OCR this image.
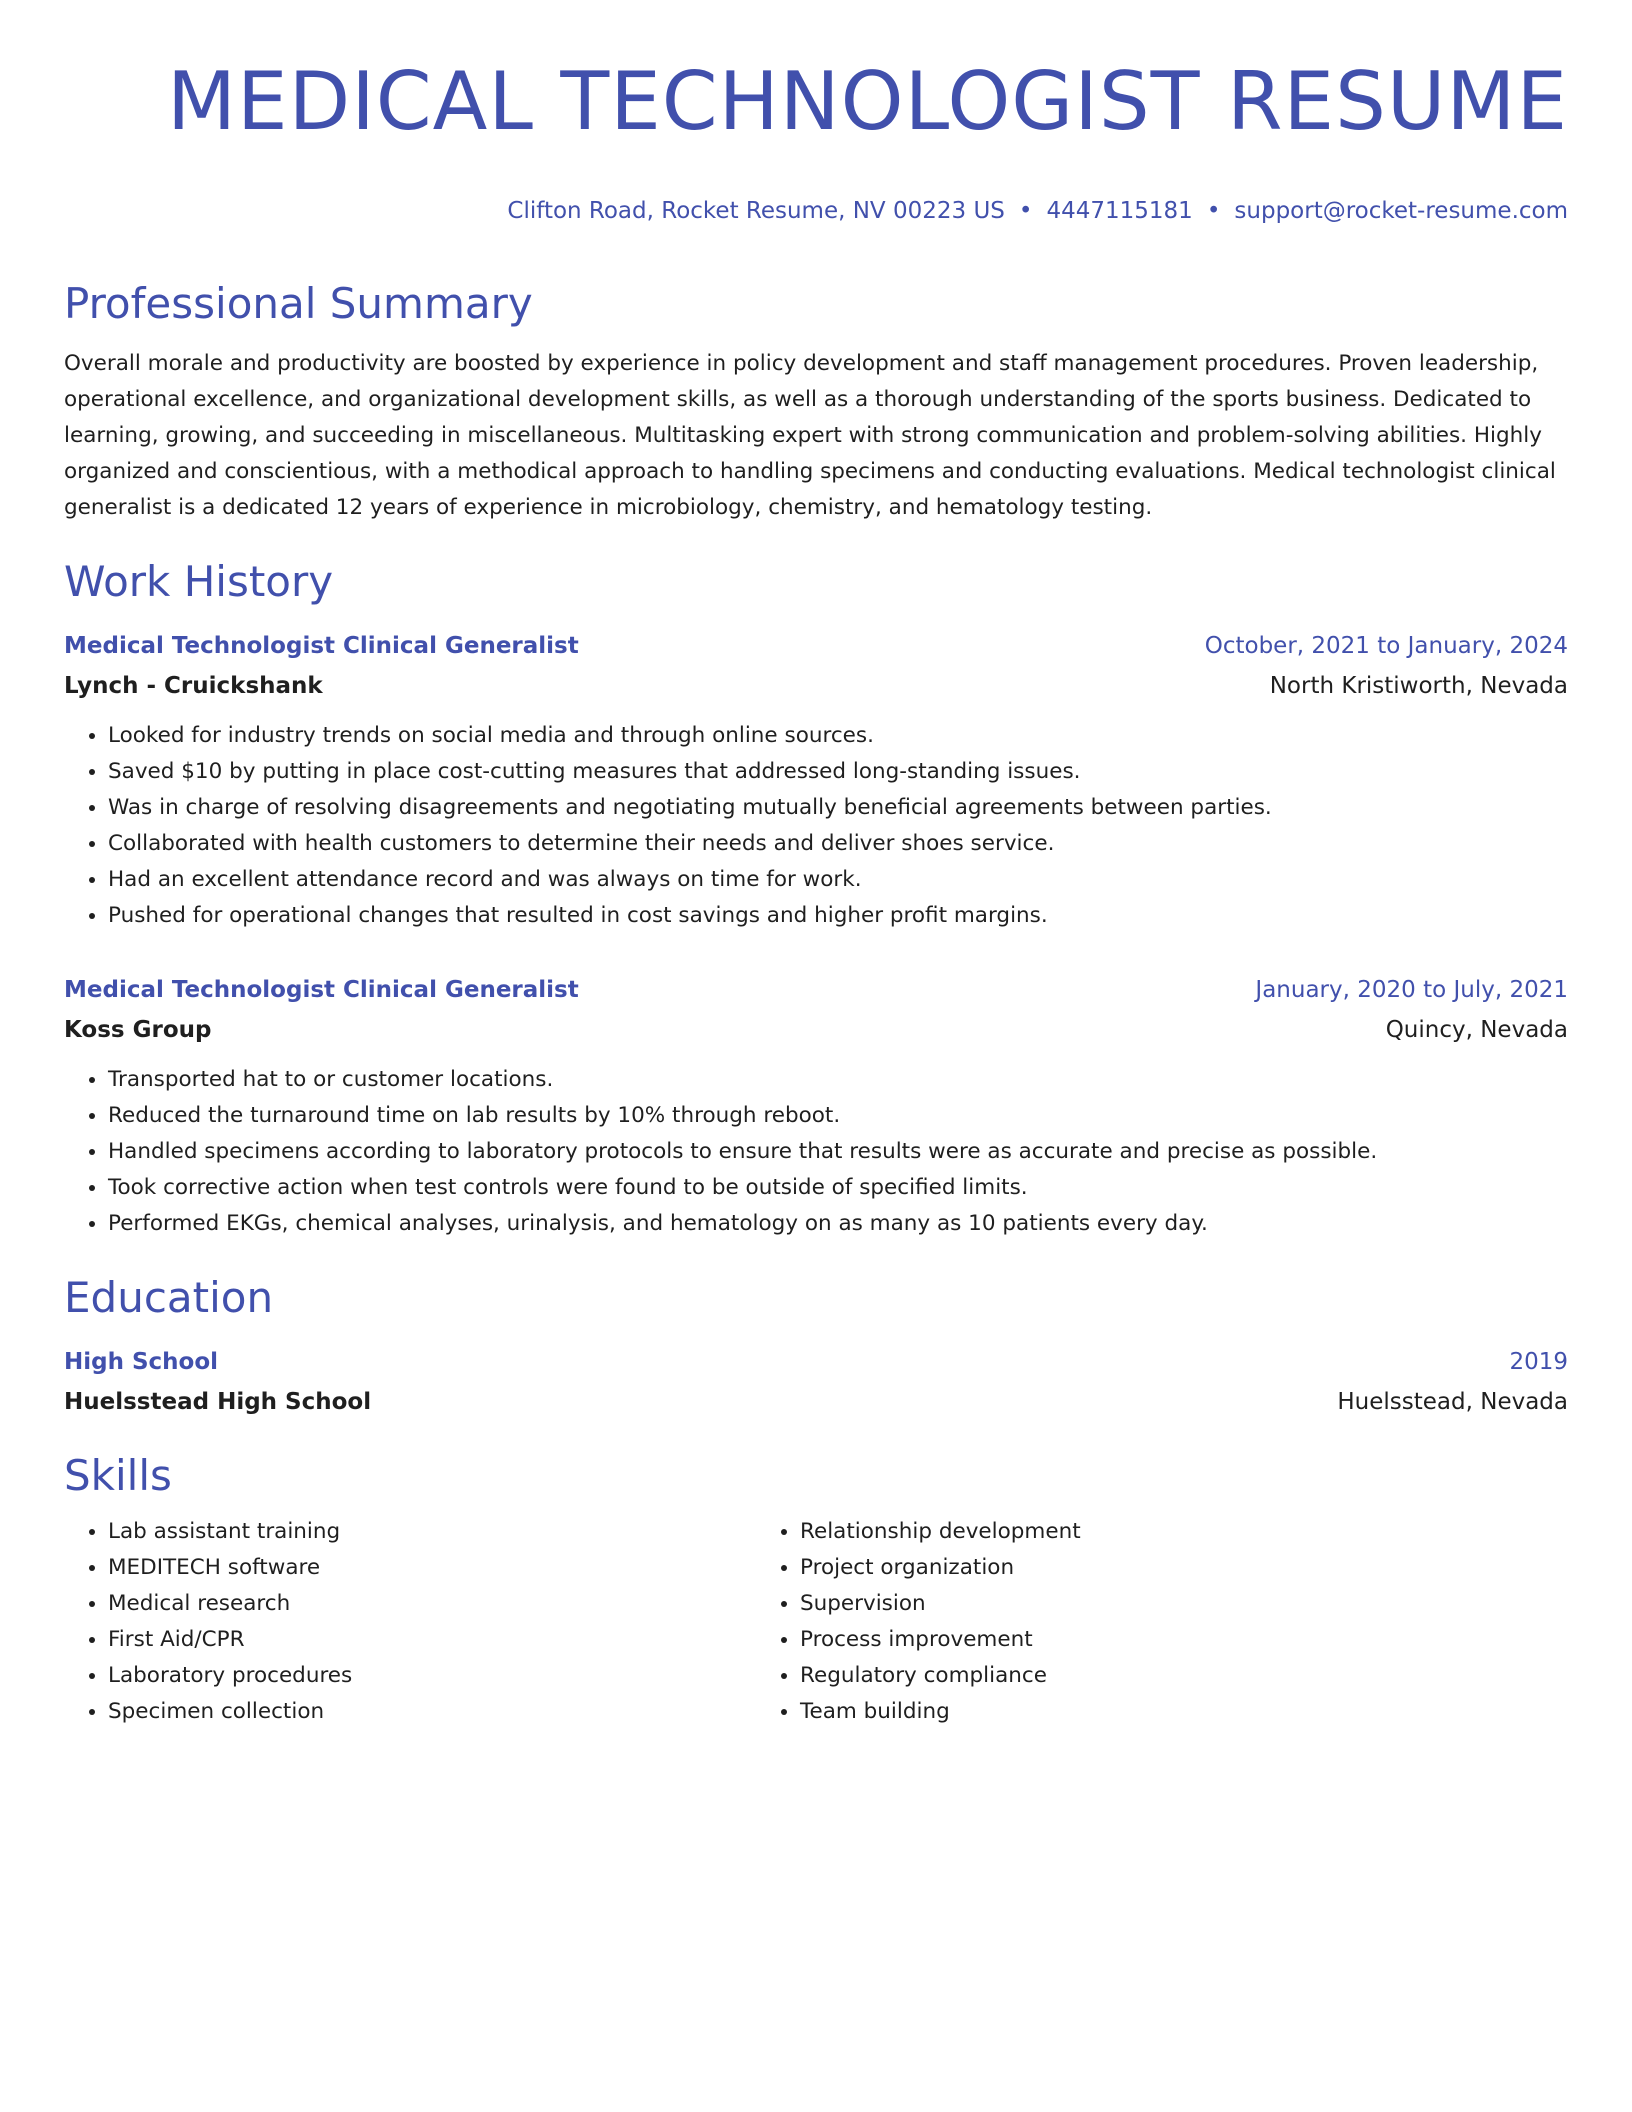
MEDICAL TECHNOLOGIST RESUME
Clifton Road, Rocket Resume, NV 00223 US • 4447115181 • support@rocket-resume.com
Professional Summary

Overall morale and productivity are boosted by experience in policy development and staff management procedures. Proven leadership, operational excellence, and organizational development skills, as well as a thorough understanding of the sports business. Dedicated to learning, growing, and succeeding in miscellaneous. Multitasking expert with strong communication and problem-solving abilities. Highly organized and conscientious, with a methodical approach to handling specimens and conducting evaluations. Medical technologist clinical generalist is a dedicated 12 years of experience in microbiology, chemistry, and hematology testing.

Work History
Medical Technologist Clinical Generalist	October, 2021 to January, 2024
Lynch - Cruickshank	North Kristiworth, Nevada
• Looked for industry trends on social media and through online sources.
• Saved $10 by putting in place cost-cutting measures that addressed long-standing issues.
• Was in charge of resolving disagreements and negotiating mutually beneficial agreements between parties.
• Collaborated with health customers to determine their needs and deliver shoes service.
• Had an excellent attendance record and was always on time for work.
• Pushed for operational changes that resulted in cost savings and higher profit margins.
Medical Technologist Clinical Generalist	January, 2020 to July, 2021
Koss Group	Quincy, Nevada
• Transported hat to or customer locations.
• Reduced the turnaround time on lab results by 10% through reboot.
• Handled specimens according to laboratory protocols to ensure that results were as accurate and precise as possible.
• Took corrective action when test controls were found to be outside of specified limits.
• Performed EKGs, chemical analyses, urinalysis, and hematology on as many as 10 patients every day.
Education
High School	2019
Huelsstead High School	Huelsstead, Nevada
Skills
• Lab assistant training
• MEDITECH software
• Medical research
• First Aid/CPR
• Laboratory procedures
• Specimen collection
• Relationship development
• Project organization
• Supervision
• Process improvement
• Regulatory compliance
• Team building
